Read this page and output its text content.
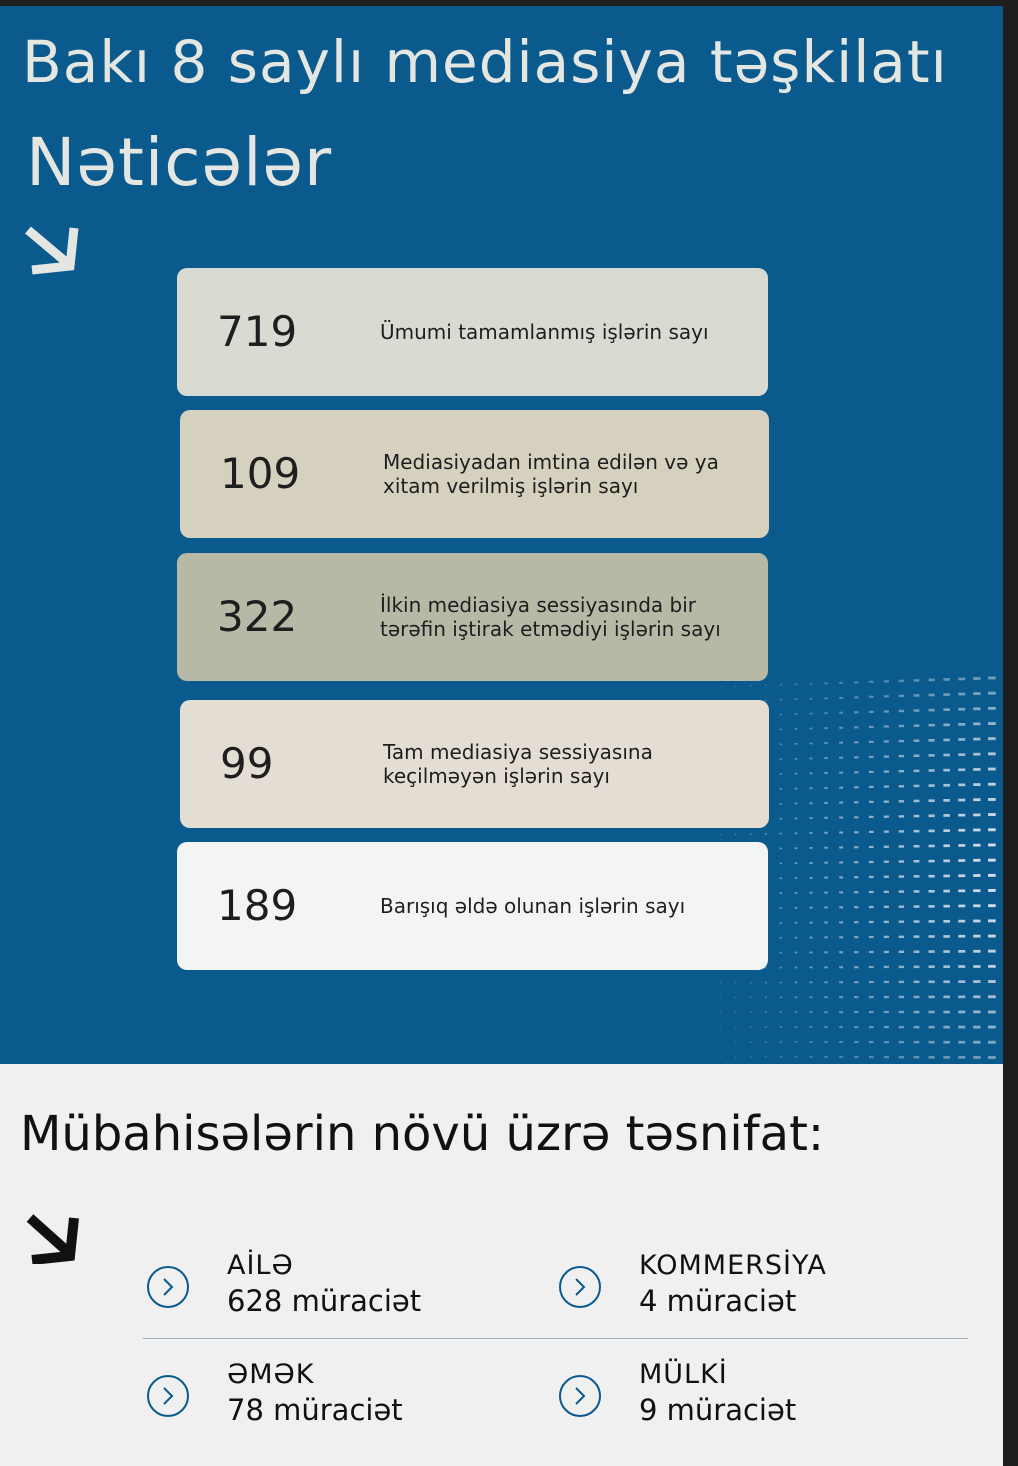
Bakı 8 saylı mediasiya təşkilatı
Nəticələr
719	Ümumi tamamlanmış işlərin sayı
109	Mediasiyadan imtina edilən və ya xitam verilmiş işlərin sayı
322	İlkin mediasiya sessiyasında bir tərəfin iştirak etmədiyi işlərin sayı
99	Tam mediasiya sessiyasına keçilməyən işlərin sayı
189	Barışıq əldə olunan işlərin sayı
Mübahisələrin növü üzrə təsnifat:
AİLƏ
628 müraciət
KOMMERSİYA
4 müraciət
ƏMƏK
78 müraciət
MÜLKİ
9 müraciət
